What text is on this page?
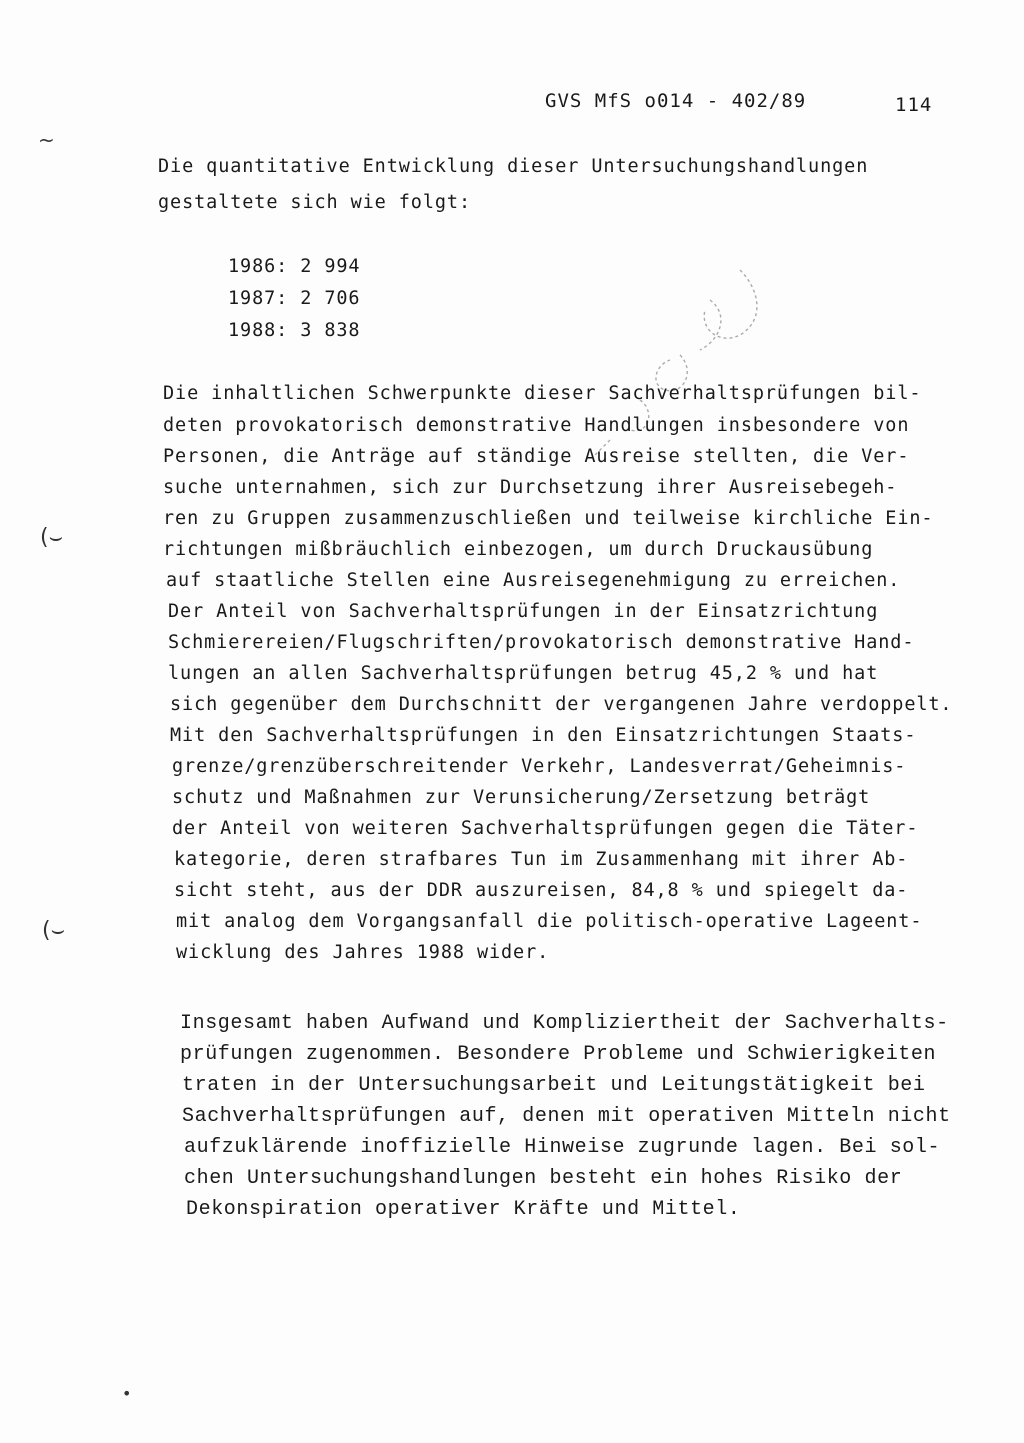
GVS MfS o014 - 402/89	114
~
(⌣
(⌣
•
Die quantitative Entwicklung dieser Untersuchungshandlungen
gestaltete sich wie folgt:
1986: 2 994
1987: 2 706
1988: 3 838
Die inhaltlichen Schwerpunkte dieser Sachverhaltsprüfungen bil-
deten provokatorisch demonstrative Handlungen insbesondere von
Personen, die Anträge auf ständige Ausreise stellten, die Ver-
suche unternahmen, sich zur Durchsetzung ihrer Ausreisebegeh-
ren zu Gruppen zusammenzuschließen und teilweise kirchliche Ein-
richtungen mißbräuchlich einbezogen, um durch Druckausübung
auf staatliche Stellen eine Ausreisegenehmigung zu erreichen.
Der Anteil von Sachverhaltsprüfungen in der Einsatzrichtung
Schmierereien/Flugschriften/provokatorisch demonstrative Hand-
lungen an allen Sachverhaltsprüfungen betrug 45,2 % und hat
sich gegenüber dem Durchschnitt der vergangenen Jahre verdoppelt.
Mit den Sachverhaltsprüfungen in den Einsatzrichtungen Staats-
grenze/grenzüberschreitender Verkehr, Landesverrat/Geheimnis-
schutz und Maßnahmen zur Verunsicherung/Zersetzung beträgt
der Anteil von weiteren Sachverhaltsprüfungen gegen die Täter-
kategorie, deren strafbares Tun im Zusammenhang mit ihrer Ab-
sicht steht, aus der DDR auszureisen, 84,8 % und spiegelt da-
mit analog dem Vorgangsanfall die politisch-operative Lageent-
wicklung des Jahres 1988 wider.
Insgesamt haben Aufwand und Kompliziertheit der Sachverhalts-
prüfungen zugenommen. Besondere Probleme und Schwierigkeiten
traten in der Untersuchungsarbeit und Leitungstätigkeit bei
Sachverhaltsprüfungen auf, denen mit operativen Mitteln nicht
aufzuklärende inoffizielle Hinweise zugrunde lagen. Bei sol-
chen Untersuchungshandlungen besteht ein hohes Risiko der
Dekonspiration operativer Kräfte und Mittel.
